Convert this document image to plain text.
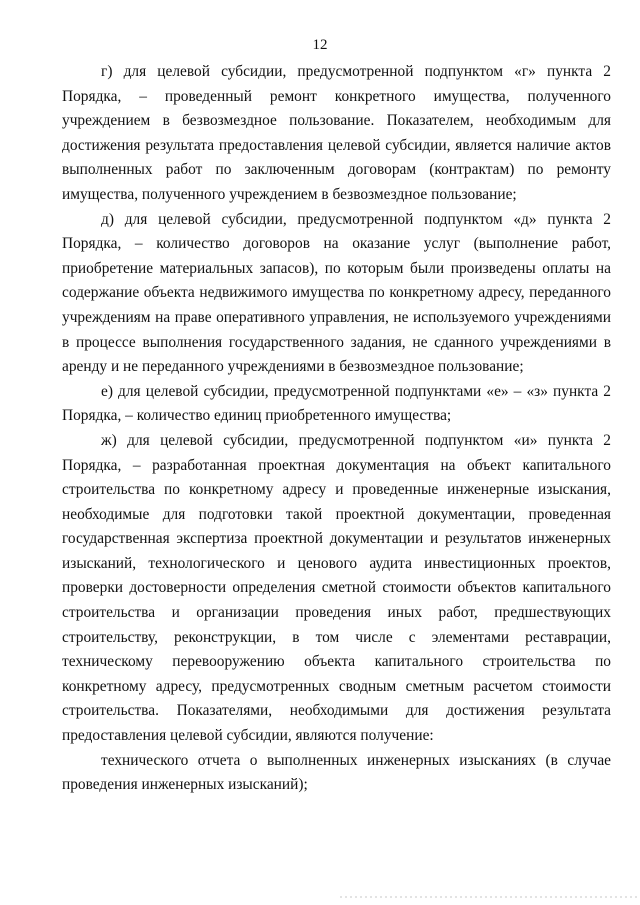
12

г) для целевой субсидии, предусмотренной подпунктом «г» пункта 2 Порядка, – проведенный ремонт конкретного имущества, полученного учреждением в безвозмездное пользование. Показателем, необходимым для достижения результата предоставления целевой субсидии, является наличие актов выполненных работ по заключенным договорам (контрактам) по ремонту имущества, полученного учреждением в безвозмездное пользование;

д) для целевой субсидии, предусмотренной подпунктом «д» пункта 2 Порядка, – количество договоров на оказание услуг (выполнение работ, приобретение материальных запасов), по которым были произведены оплаты на содержание объекта недвижимого имущества по конкретному адресу, переданного учреждениям на праве оперативного управления, не используемого учреждениями в процессе выполнения государственного задания, не сданного учреждениями в аренду и не переданного учреждениями в безвозмездное пользование;

е) для целевой субсидии, предусмотренной подпунктами «е» – «з» пункта 2 Порядка, – количество единиц приобретенного имущества;

ж) для целевой субсидии, предусмотренной подпунктом «и» пункта 2 Порядка, – разработанная проектная документация на объект капитального строительства по конкретному адресу и проведенные инженерные изыскания, необходимые для подготовки такой проектной документации, проведенная государственная экспертиза проектной документации и результатов инженерных изысканий, технологического и ценового аудита инвестиционных проектов, проверки достоверности определения сметной стоимости объектов капитального строительства и организации проведения иных работ, предшествующих строительству, реконструкции, в том числе с элементами реставрации, техническому перевооружению объекта капитального строительства по конкретному адресу, предусмотренных сводным сметным расчетом стоимости строительства. Показателями, необходимыми для достижения результата предоставления целевой субсидии, являются получение:

технического отчета о выполненных инженерных изысканиях (в случае проведения инженерных изысканий);
